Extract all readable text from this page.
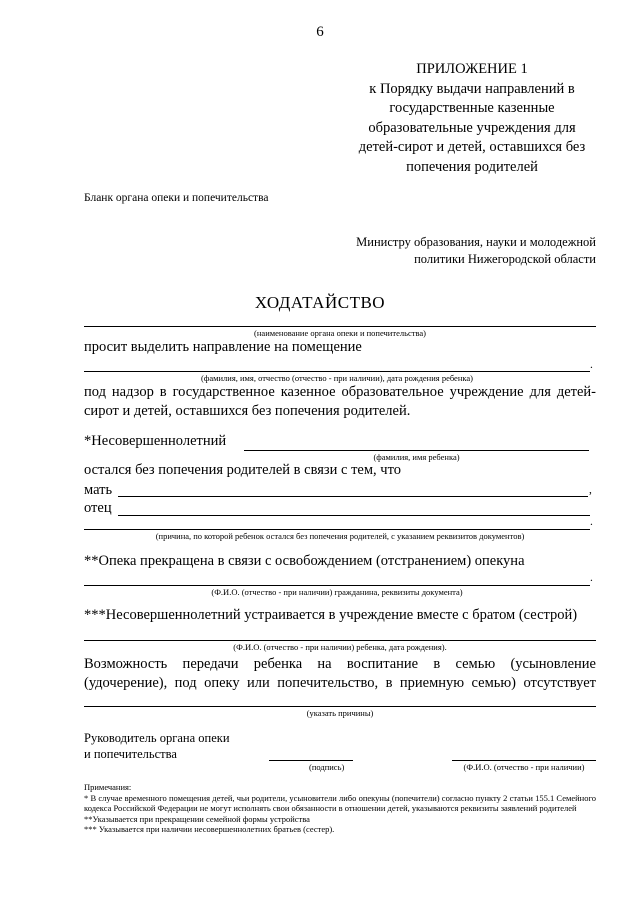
6
ПРИЛОЖЕНИЕ 1
к Порядку выдачи направлений в
государственные казенные
образовательные учреждения для
детей-сирот и детей, оставшихся без
попечения родителей
Бланк органа опеки и попечительства
Министру образования, науки и молодежной
политики Нижегородской области
ХОДАТАЙСТВО
(наименование органа опеки и попечительства)
просит выделить направление на помещение
.
(фамилия, имя, отчество (отчество - при наличии), дата рождения ребенка)
под надзор в государственное казенное образовательное учреждение для детей-
сирот и детей, оставшихся без попечения родителей.
*Несовершеннолетний
(фамилия, имя ребенка)
остался без попечения родителей в связи с тем, что
мать	,
отец
.
(причина, по которой ребенок остался без попечения родителей, с указанием реквизитов документов)
**Опека прекращена в связи с освобождением (отстранением) опекуна
.
(Ф.И.О. (отчество - при наличии) гражданина, реквизиты документа)
***Несовершеннолетний устраивается в учреждение вместе с братом (сестрой)
(Ф.И.О. (отчество - при наличии) ребенка, дата рождения).
Возможность передачи ребенка на воспитание в семью (усыновление
(удочерение), под опеку или попечительство, в приемную семью) отсутствует
(указать причины)
Руководитель органа опеки
и попечительства
(подпись)	(Ф.И.О. (отчество - при наличии)
Примечания:
* В случае временного помещения детей, чьи родители, усыновители либо опекуны (попечители) согласно пункту 2 статьи 155.1 Семейного кодекса Российской Федерации не могут исполнять свои обязанности в отношении детей, указываются реквизиты заявлений родителей
**Указывается при прекращении семейной формы устройства
*** Указывается при наличии несовершеннолетних братьев (сестер).
